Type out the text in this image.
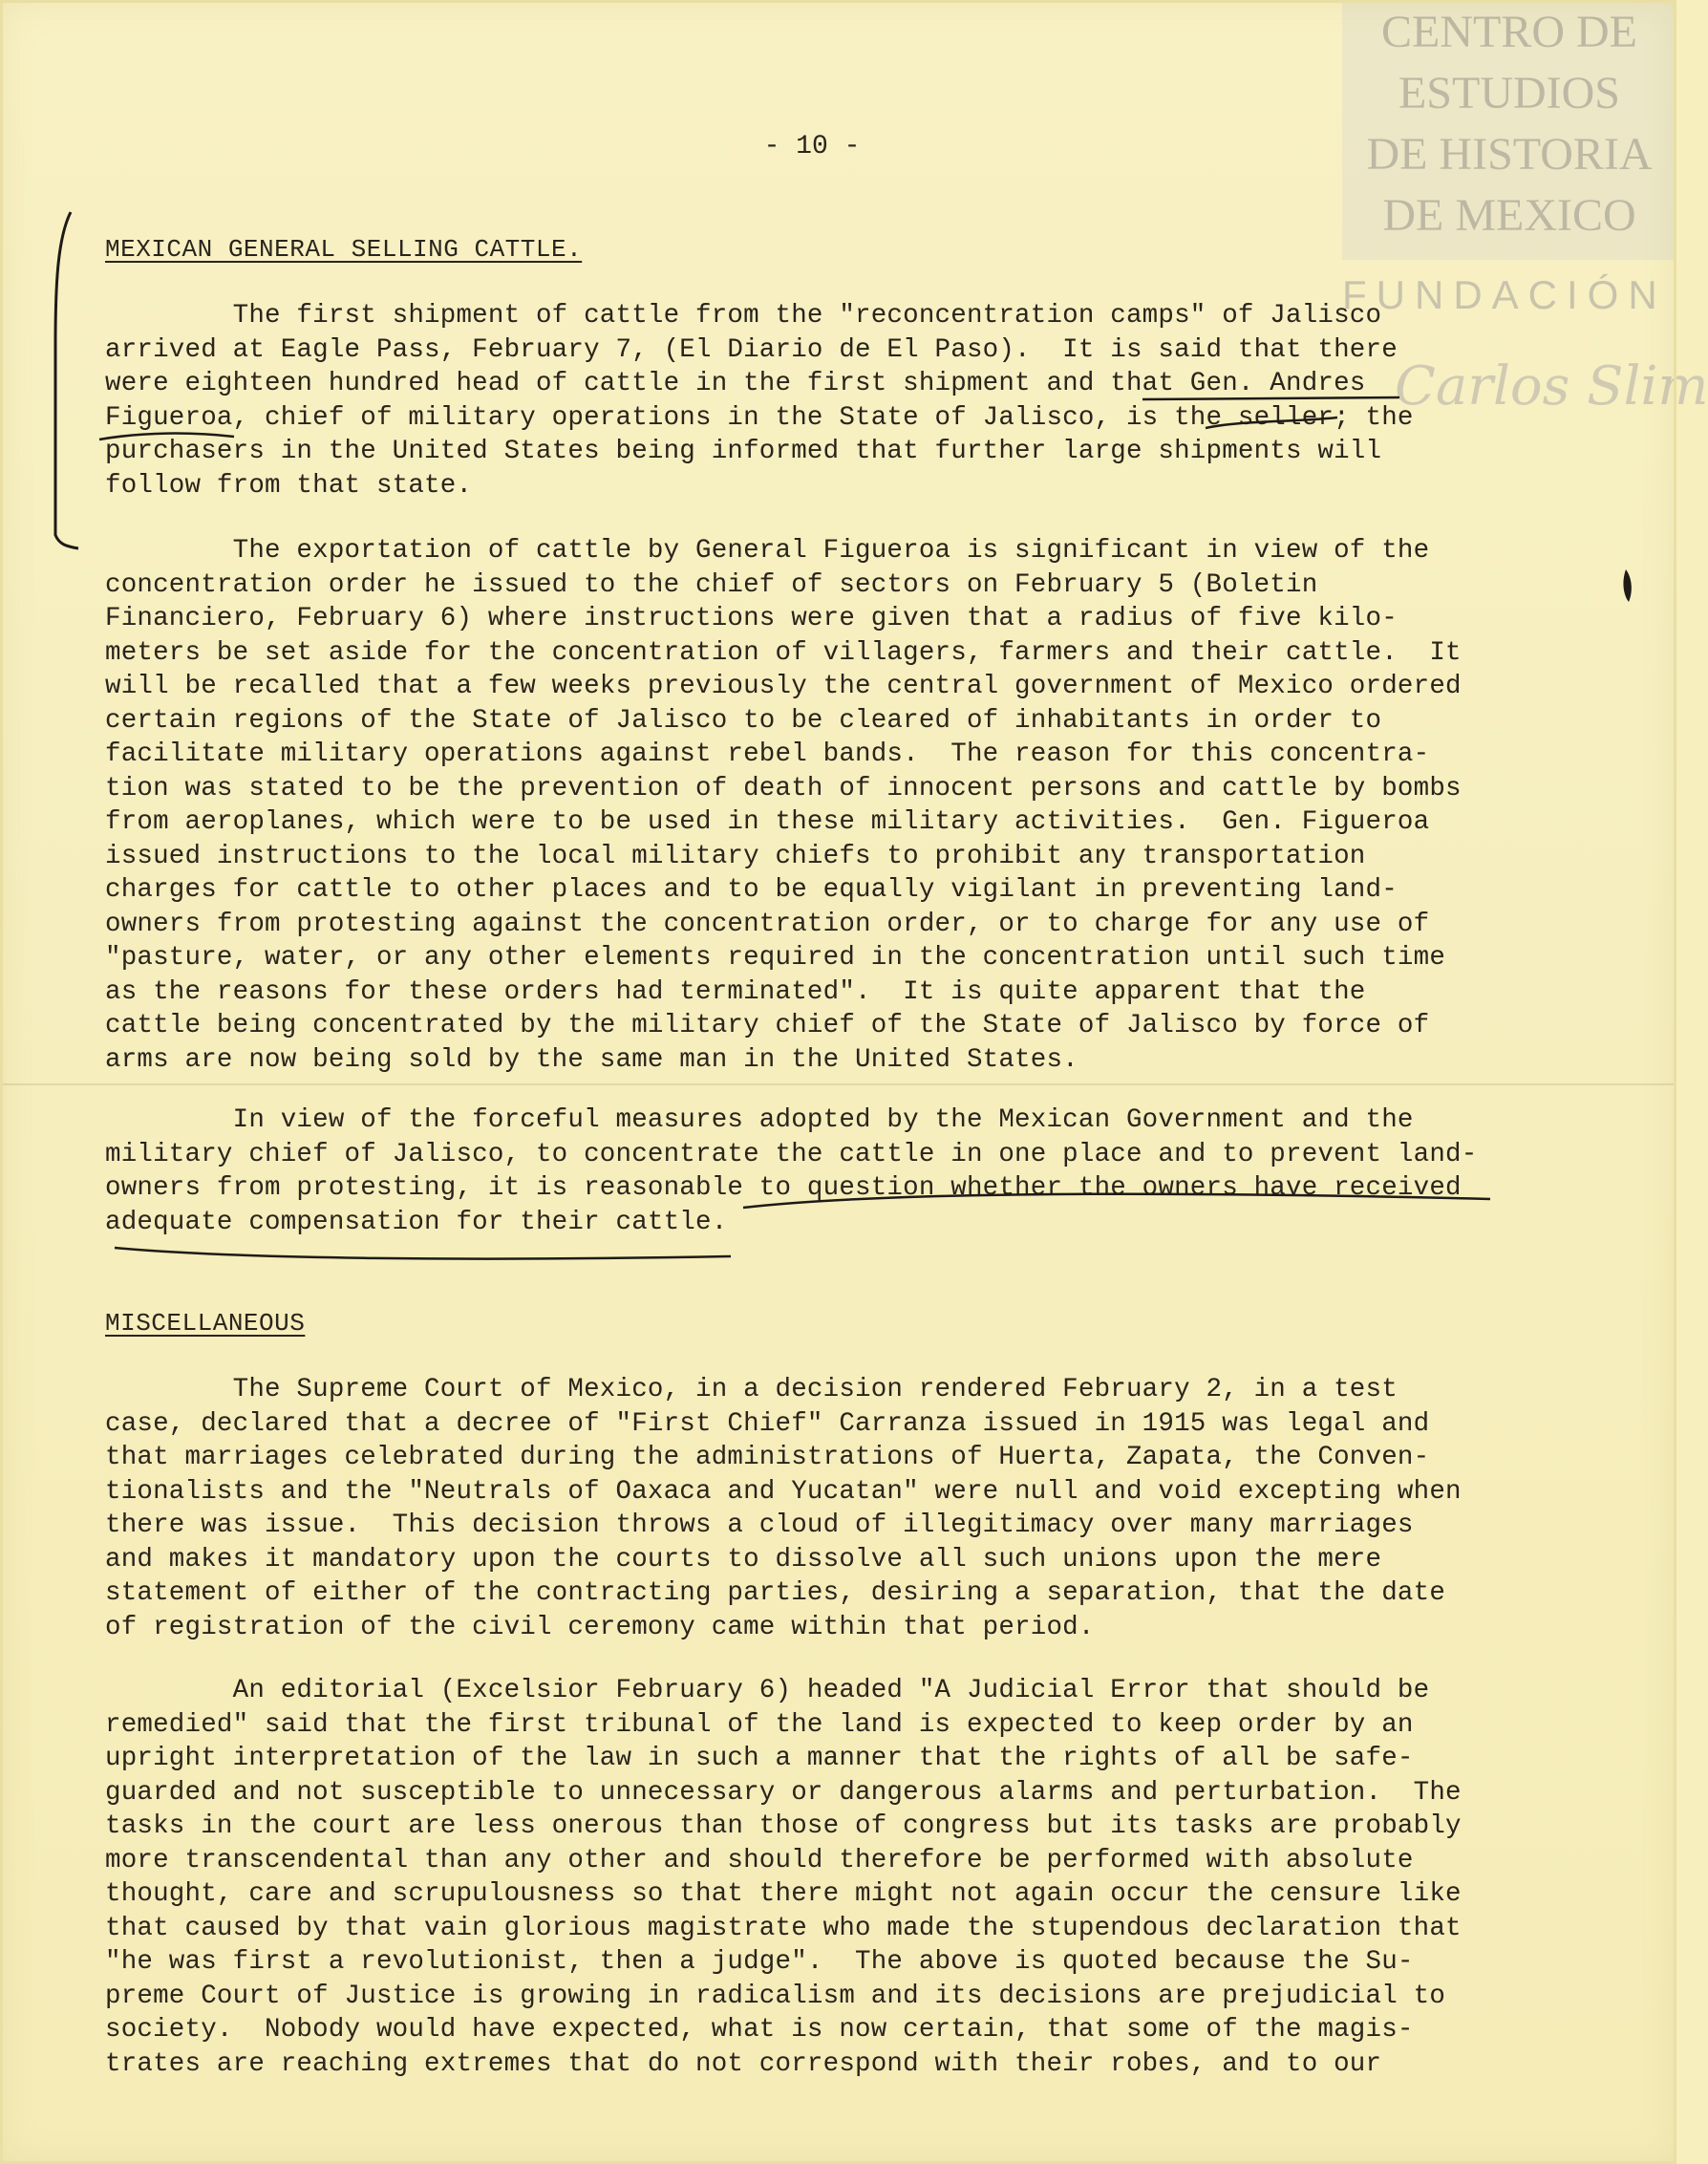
CENTRO DE
ESTUDIOS
DE HISTORIA
DE MEXICO
FUNDACIÓN
Carlos Slim
- 10 -
MEXICAN GENERAL SELLING CATTLE.
The first shipment of cattle from the "reconcentration camps" of Jalisco
arrived at Eagle Pass, February 7, (El Diario de El Paso).  It is said that there
were eighteen hundred head of cattle in the first shipment and that Gen. Andres
Figueroa, chief of military operations in the State of Jalisco, is the seller; the
purchasers in the United States being informed that further large shipments will
follow from that state.
The exportation of cattle by General Figueroa is significant in view of the
concentration order he issued to the chief of sectors on February 5 (Boletin
Financiero, February 6) where instructions were given that a radius of five kilo-
meters be set aside for the concentration of villagers, farmers and their cattle.  It
will be recalled that a few weeks previously the central government of Mexico ordered
certain regions of the State of Jalisco to be cleared of inhabitants in order to
facilitate military operations against rebel bands.  The reason for this concentra-
tion was stated to be the prevention of death of innocent persons and cattle by bombs
from aeroplanes, which were to be used in these military activities.  Gen. Figueroa
issued instructions to the local military chiefs to prohibit any transportation
charges for cattle to other places and to be equally vigilant in preventing land-
owners from protesting against the concentration order, or to charge for any use of
"pasture, water, or any other elements required in the concentration until such time
as the reasons for these orders had terminated".  It is quite apparent that the
cattle being concentrated by the military chief of the State of Jalisco by force of
arms are now being sold by the same man in the United States.
In view of the forceful measures adopted by the Mexican Government and the
military chief of Jalisco, to concentrate the cattle in one place and to prevent land-
owners from protesting, it is reasonable to question whether the owners have received
adequate compensation for their cattle.
MISCELLANEOUS
The Supreme Court of Mexico, in a decision rendered February 2, in a test
case, declared that a decree of "First Chief" Carranza issued in 1915 was legal and
that marriages celebrated during the administrations of Huerta, Zapata, the Conven-
tionalists and the "Neutrals of Oaxaca and Yucatan" were null and void excepting when
there was issue.  This decision throws a cloud of illegitimacy over many marriages
and makes it mandatory upon the courts to dissolve all such unions upon the mere
statement of either of the contracting parties, desiring a separation, that the date
of registration of the civil ceremony came within that period.
An editorial (Excelsior February 6) headed "A Judicial Error that should be
remedied" said that the first tribunal of the land is expected to keep order by an
upright interpretation of the law in such a manner that the rights of all be safe-
guarded and not susceptible to unnecessary or dangerous alarms and perturbation.  The
tasks in the court are less onerous than those of congress but its tasks are probably
more transcendental than any other and should therefore be performed with absolute
thought, care and scrupulousness so that there might not again occur the censure like
that caused by that vain glorious magistrate who made the stupendous declaration that
"he was first a revolutionist, then a judge".  The above is quoted because the Su-
preme Court of Justice is growing in radicalism and its decisions are prejudicial to
society.  Nobody would have expected, what is now certain, that some of the magis-
trates are reaching extremes that do not correspond with their robes, and to our
